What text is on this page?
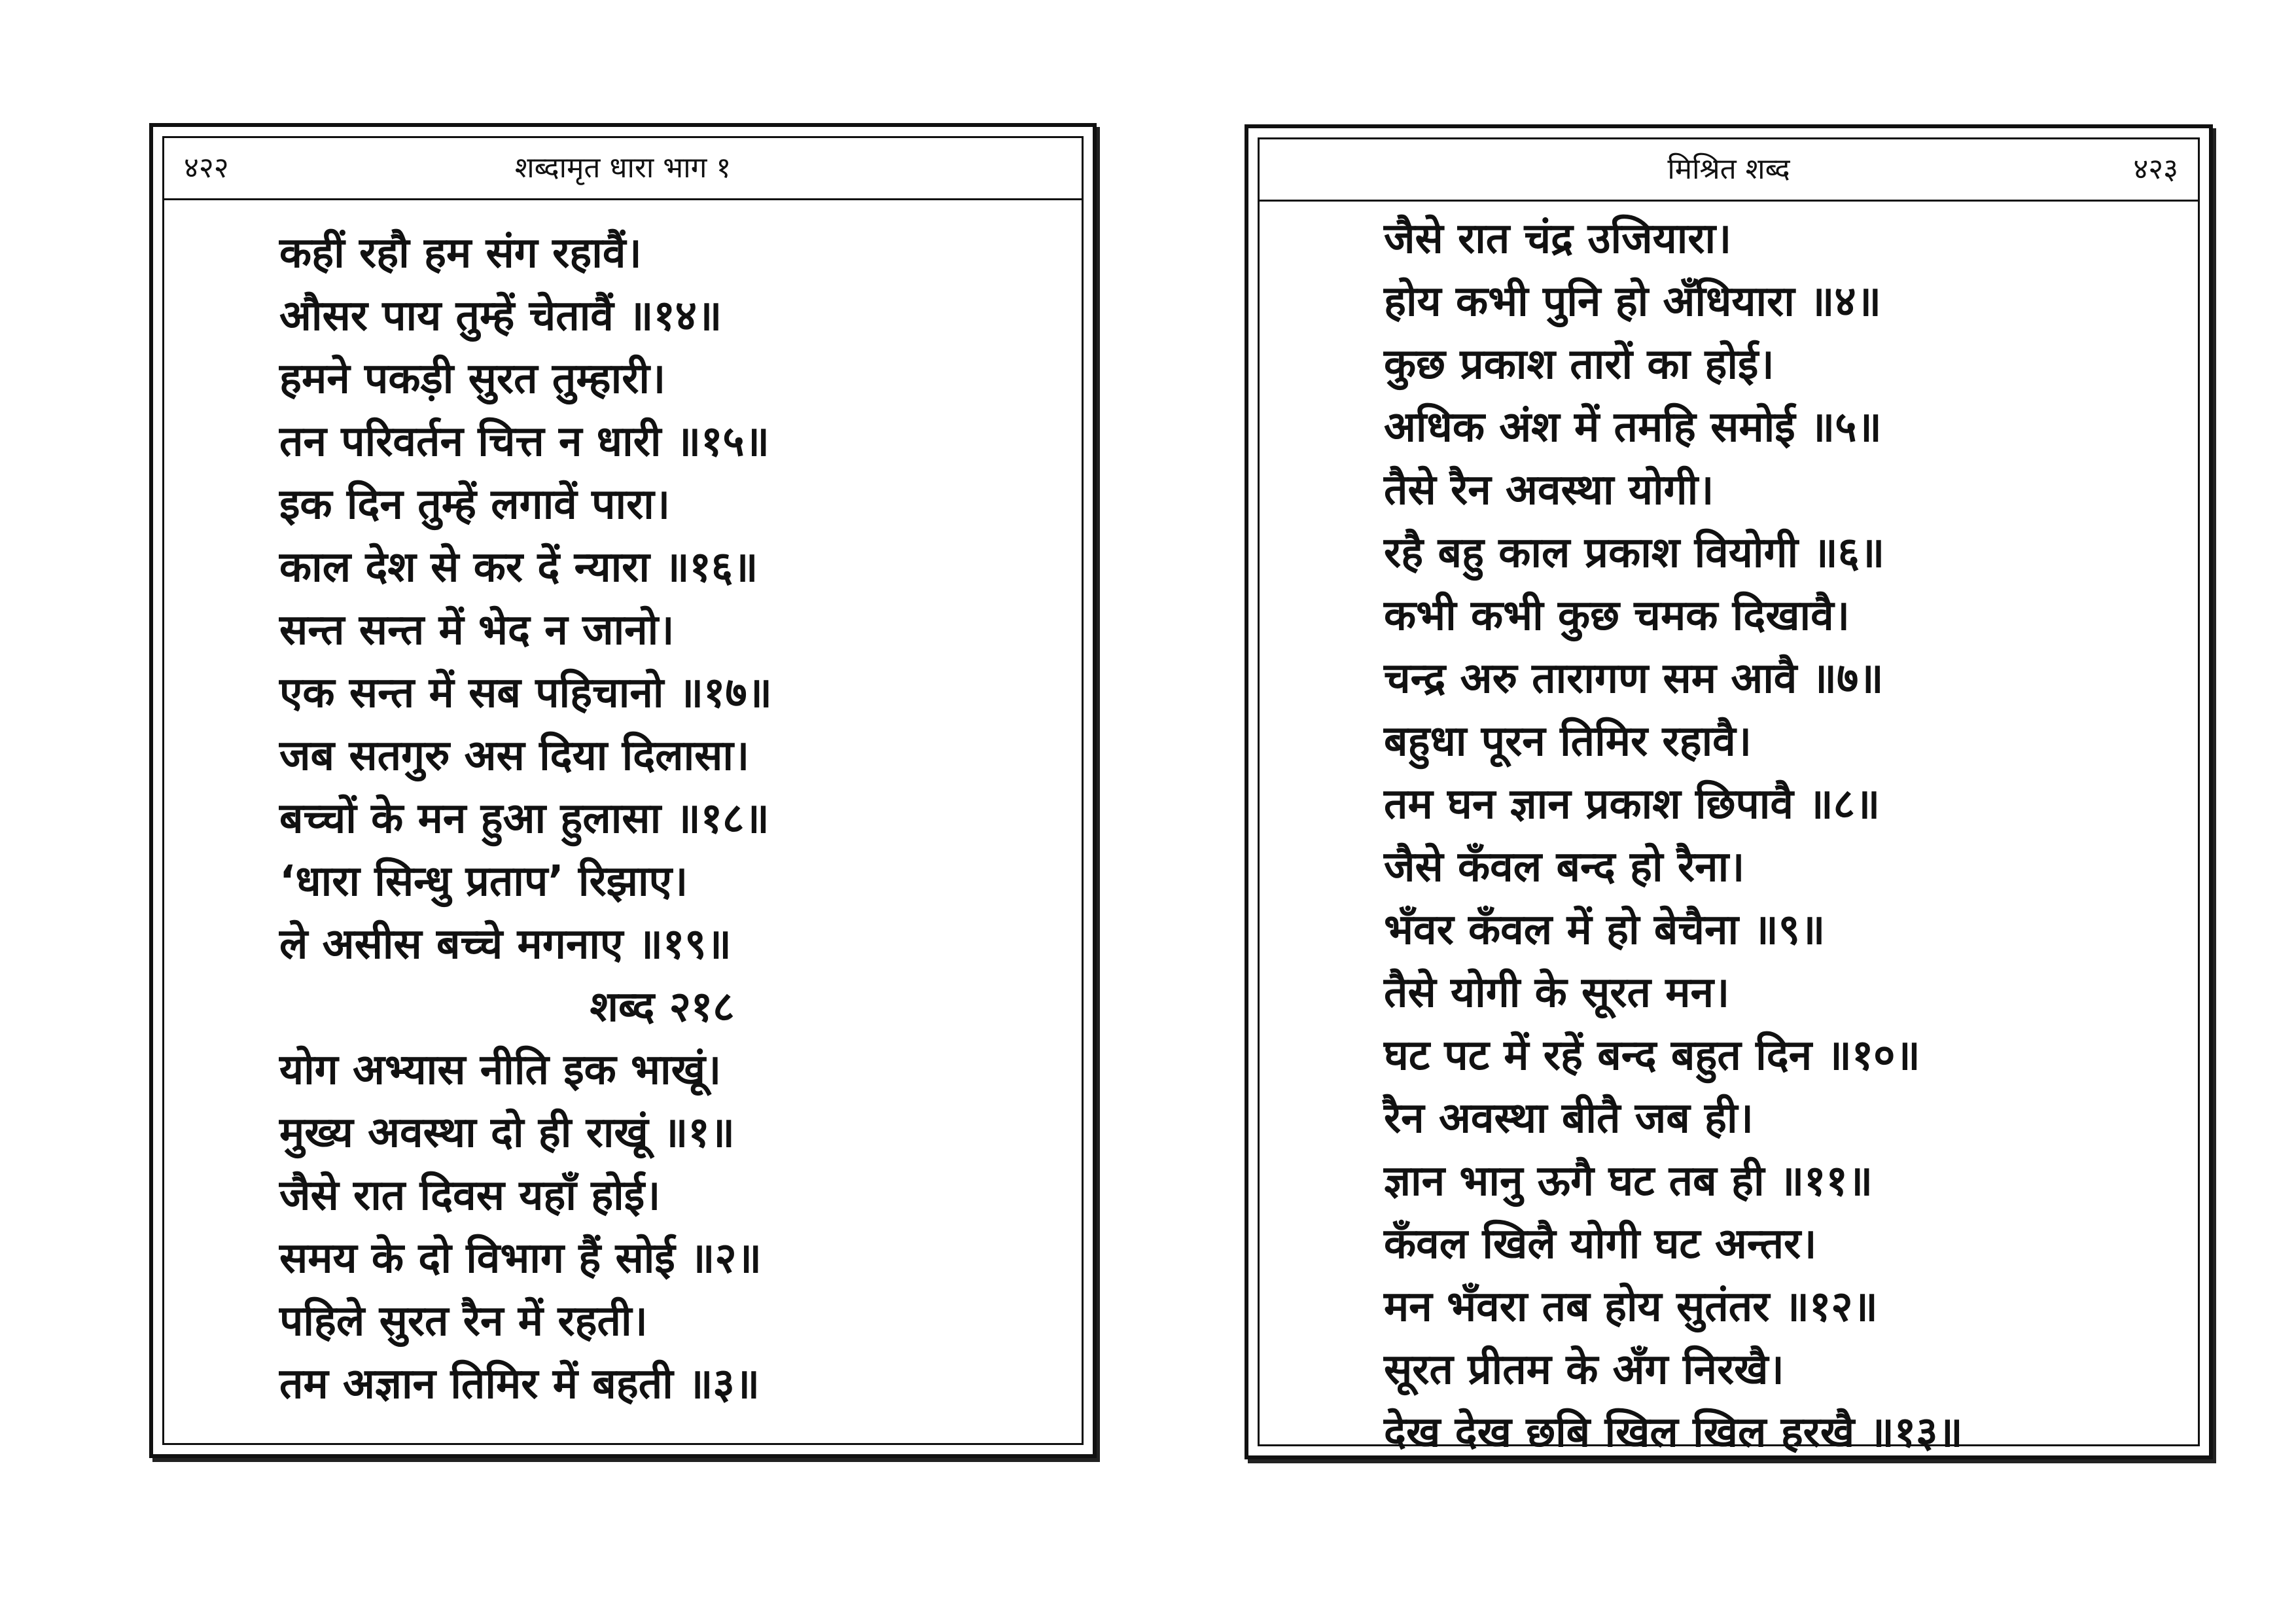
४२२	शब्दामृत धारा भाग १
कहीं रहौ हम संग रहावैं।
औसर पाय तुम्हें चेतावैं ॥१४॥
हमने पकड़ी सुरत तुम्हारी।
तन परिवर्तन चित्त न धारी ॥१५॥
इक दिन तुम्हें लगावें पारा।
काल देश से कर दें न्यारा ॥१६॥
सन्त सन्त में भेद न जानो।
एक सन्त में सब पहिचानो ॥१७॥
जब सतगुरु अस दिया दिलासा।
बच्चों के मन हुआ हुलासा ॥१८॥
‘धारा सिन्धु प्रताप’ रिझाए।
ले असीस बच्चे मगनाए ॥१९॥
शब्द २१८
योग अभ्यास नीति इक भाखूं।
मुख्य अवस्था दो ही राखूं ॥१॥
जैसे रात दिवस यहाँ होई।
समय के दो विभाग हैं सोई ॥२॥
पहिले सुरत रैन में रहती।
तम अज्ञान तिमिर में बहती ॥३॥
मिश्रित शब्द	४२३
जैसे रात चंद्र उजियारा।
होय कभी पुनि हो अँधियारा ॥४॥
कुछ प्रकाश तारों का होई।
अधिक अंश में तमहि समोई ॥५॥
तैसे रैन अवस्था योगी।
रहै बहु काल प्रकाश वियोगी ॥६॥
कभी कभी कुछ चमक दिखावै।
चन्द्र अरु तारागण सम आवै ॥७॥
बहुधा पूरन तिमिर रहावै।
तम घन ज्ञान प्रकाश छिपावै ॥८॥
जैसे कँवल बन्द हो रैना।
भँवर कँवल में हो बेचैना ॥९॥
तैसे योगी के सूरत मन।
घट पट में रहें बन्द बहुत दिन ॥१०॥
रैन अवस्था बीतै जब ही।
ज्ञान भानु ऊगै घट तब ही ॥११॥
कँवल खिलै योगी घट अन्तर।
मन भँवरा तब होय सुतंतर ॥१२॥
सूरत प्रीतम के अँग निरखै।
देख देख छबि खिल खिल हरखै ॥१३॥
